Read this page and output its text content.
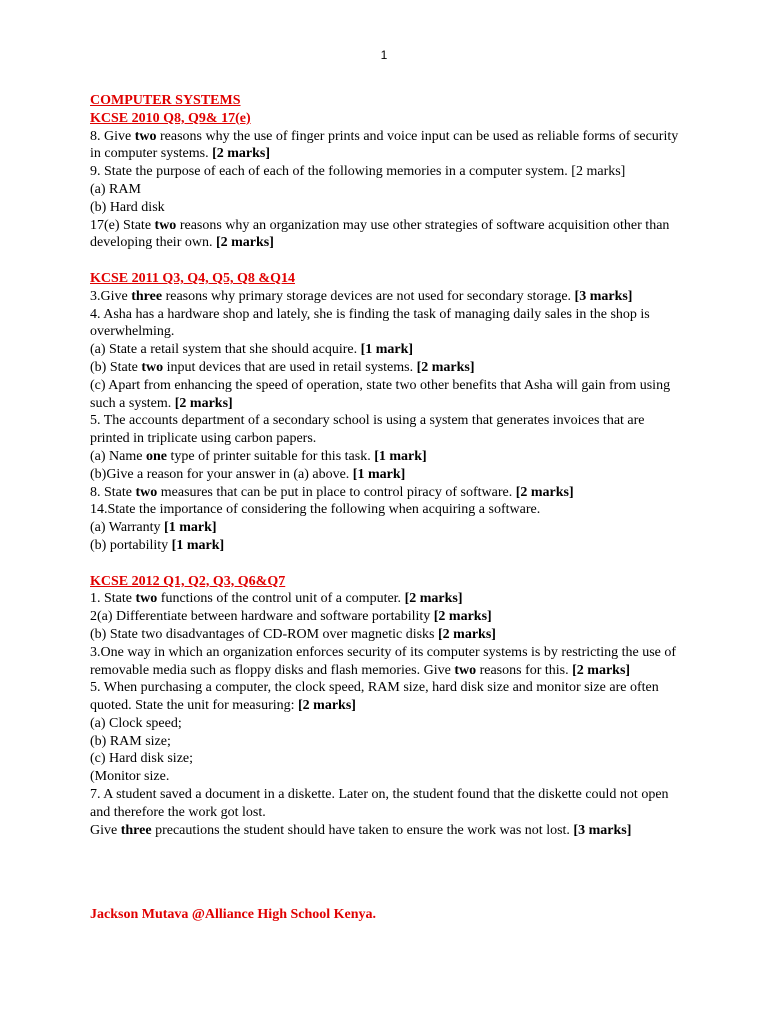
1

COMPUTER SYSTEMS

KCSE 2010 Q8, Q9& 17(e)

8. Give two reasons why the use of finger prints and voice input can be used as reliable forms of security in computer systems. [2 marks]

9. State the purpose of each of each of the following memories in a computer system. [2 marks]

(a) RAM

(b) Hard disk

17(e) State two reasons why an organization may use other strategies of software acquisition other than developing their own. [2 marks]

KCSE 2011 Q3, Q4, Q5, Q8 &Q14

3.Give three reasons why primary storage devices are not used for secondary storage. [3 marks]

4. Asha has a hardware shop and lately, she is finding the task of managing daily sales in the shop is overwhelming.

(a) State a retail system that she should acquire. [1 mark]

(b) State two input devices that are used in retail systems. [2 marks]

(c) Apart from enhancing the speed of operation, state two other benefits that Asha will gain from using such a system. [2 marks]

5. The accounts department of a secondary school is using a system that generates invoices that are printed in triplicate using carbon papers.

(a) Name one type of printer suitable for this task. [1 mark]

(b)Give a reason for your answer in (a) above. [1 mark]

8. State two measures that can be put in place to control piracy of software. [2 marks]

14.State the importance of considering the following when acquiring a software.

(a) Warranty [1 mark]

(b) portability [1 mark]

KCSE 2012 Q1, Q2, Q3, Q6&Q7

1. State two functions of the control unit of a computer. [2 marks]

2(a) Differentiate between hardware and software portability [2 marks]

(b) State two disadvantages of CD-ROM over magnetic disks [2 marks]

3.One way in which an organization enforces security of its computer systems is by restricting the use of removable media such as floppy disks and flash memories. Give two reasons for this. [2 marks]

5. When purchasing a computer, the clock speed, RAM size, hard disk size and monitor size are often quoted. State the unit for measuring: [2 marks]

(a) Clock speed;

(b) RAM size;

(c) Hard disk size;

(Monitor size.

7. A student saved a document in a diskette. Later on, the student found that the diskette could not open and therefore the work got lost.

Give three precautions the student should have taken to ensure the work was not lost. [3 marks]

Jackson Mutava @Alliance High School Kenya.
